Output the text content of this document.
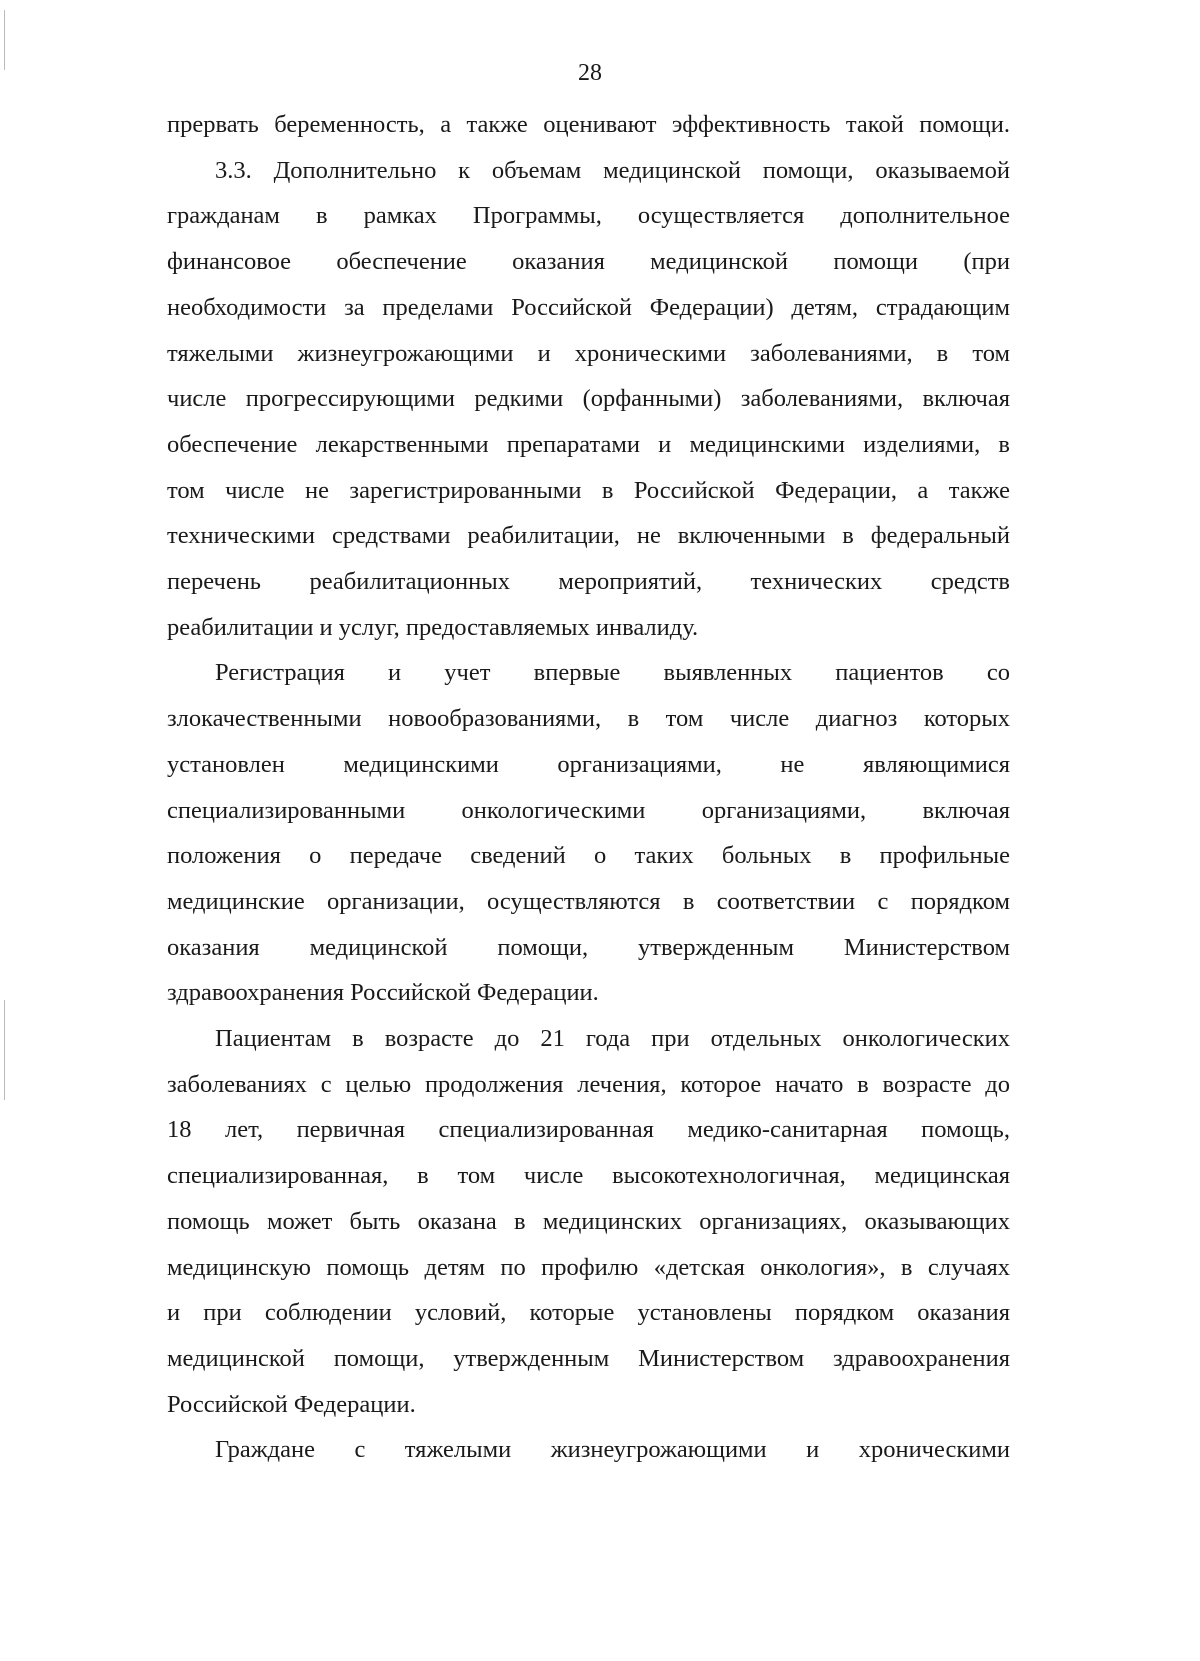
28
прервать беременность, а также оценивают эффективность такой помощи.
3.3. Дополнительно к объемам медицинской помощи, оказываемой
гражданам в рамках Программы, осуществляется дополнительное
финансовое обеспечение оказания медицинской помощи (при
необходимости за пределами Российской Федерации) детям, страдающим
тяжелыми жизнеугрожающими и хроническими заболеваниями, в том
числе прогрессирующими редкими (орфанными) заболеваниями, включая
обеспечение лекарственными препаратами и медицинскими изделиями, в
том числе не зарегистрированными в Российской Федерации, а также
техническими средствами реабилитации, не включенными в федеральный
перечень реабилитационных мероприятий, технических средств
реабилитации и услуг, предоставляемых инвалиду.
Регистрация и учет впервые выявленных пациентов со
злокачественными новообразованиями, в том числе диагноз которых
установлен медицинскими организациями, не являющимися
специализированными онкологическими организациями, включая
положения о передаче сведений о таких больных в профильные
медицинские организации, осуществляются в соответствии с порядком
оказания медицинской помощи, утвержденным Министерством
здравоохранения Российской Федерации.
Пациентам в возрасте до 21 года при отдельных онкологических
заболеваниях с целью продолжения лечения, которое начато в возрасте до
18 лет, первичная специализированная медико-санитарная помощь,
специализированная, в том числе высокотехнологичная, медицинская
помощь может быть оказана в медицинских организациях, оказывающих
медицинскую помощь детям по профилю «детская онкология», в случаях
и при соблюдении условий, которые установлены порядком оказания
медицинской помощи, утвержденным Министерством здравоохранения
Российской Федерации.
Граждане с тяжелыми жизнеугрожающими и хроническими
